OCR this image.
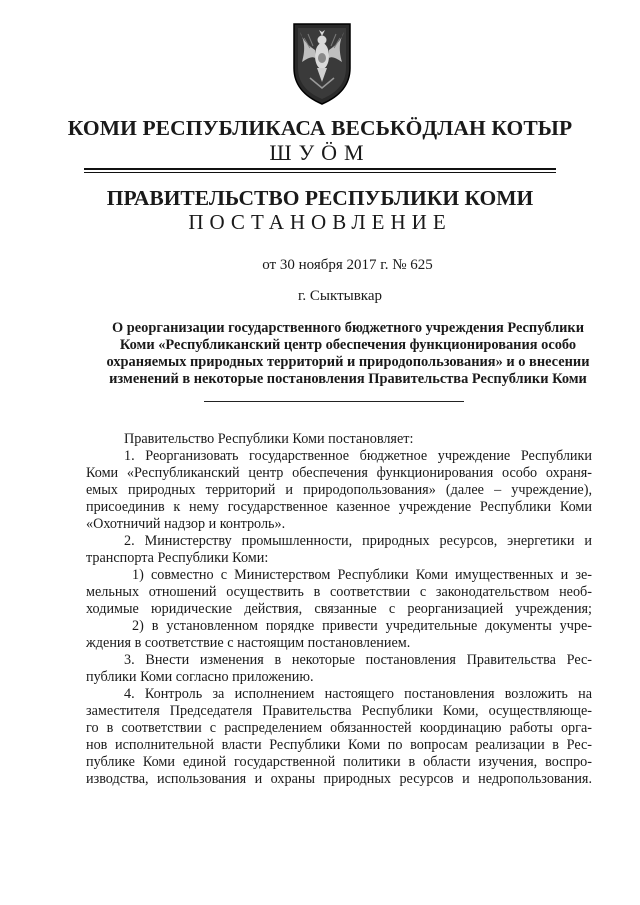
КОМИ РЕСПУБЛИКАСА ВЕСЬКӦДЛАН КОТЫР
ШУӦМ
ПРАВИТЕЛЬСТВО РЕСПУБЛИКИ КОМИ
ПОСТАНОВЛЕНИЕ
от 30 ноября 2017 г. № 625
г. Сыктывкар
О реорганизации государственного бюджетного учреждения Республики
Коми «Республиканский центр обеспечения функционирования особо
охраняемых природных территорий и природопользования» и о внесении
изменений в некоторые постановления Правительства Республики Коми
Правительство Республики Коми постановляет:
1. Реорганизовать государственное бюджетное учреждение Республики
Коми «Республиканский центр обеспечения функционирования особо охраня-
емых природных территорий и природопользования» (далее – учреждение),
присоединив к нему государственное казенное учреждение Республики Коми
«Охотничий надзор и контроль».
2. Министерству промышленности, природных ресурсов, энергетики и
транспорта Республики Коми:
1) совместно с Министерством Республики Коми имущественных и зе-
мельных отношений осуществить в соответствии с законодательством необ-
ходимые юридические действия, связанные с реорганизацией учреждения;
2) в установленном порядке привести учредительные документы учре-
ждения в соответствие с настоящим постановлением.
3. Внести изменения в некоторые постановления Правительства Рес-
публики Коми согласно приложению.
4. Контроль за исполнением настоящего постановления возложить на
заместителя Председателя Правительства Республики Коми, осуществляюще-
го в соответствии с распределением обязанностей координацию работы орга-
нов исполнительной власти Республики Коми по вопросам реализации в Рес-
публике Коми единой государственной политики в области изучения, воспро-
изводства, использования и охраны природных ресурсов и недропользования.
